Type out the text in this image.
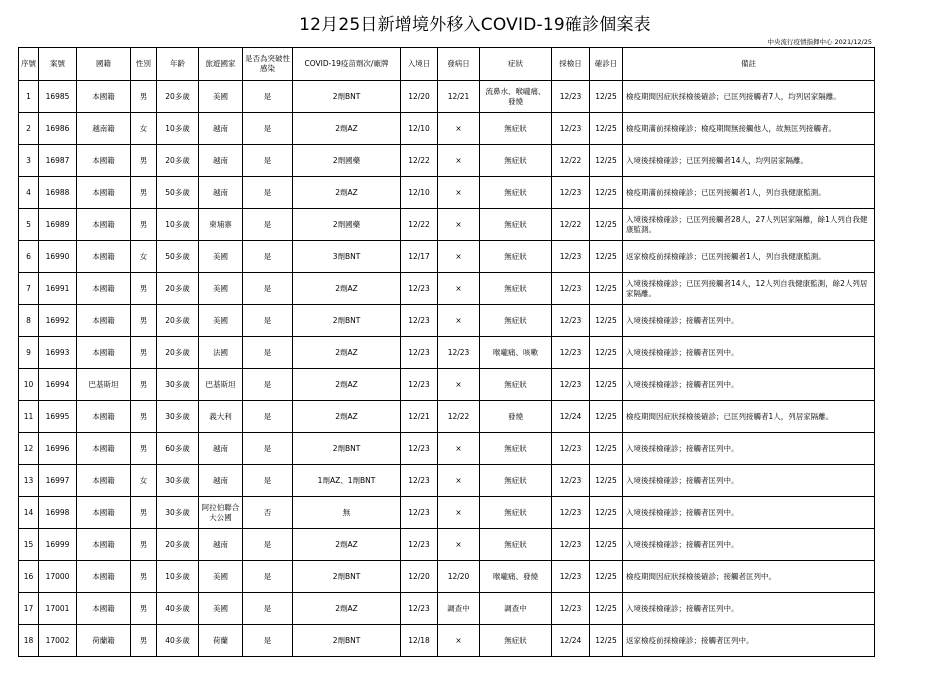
12月25日新增境外移入COVID-19確診個案表
中央流行疫情指揮中心 2021/12/25
序號	案號	國籍	性別	年齡	旅遊國家	是否為突破性感染	COVID-19疫苗劑次/廠牌	入境日	發病日	症狀	採檢日	確診日	備註
1	16985	本國籍	男	20多歲	美國	是	2劑BNT	12/20	12/21	流鼻水、喉嚨痛、發燒	12/23	12/25	檢疫期間因症狀採檢後確診；已匡列接觸者7人，均列居家隔離。
2	16986	越南籍	女	10多歲	越南	是	2劑AZ	12/10	×	無症狀	12/23	12/25	檢疫期滿前採檢確診；檢疫期間無接觸他人，故無匡列接觸者。
3	16987	本國籍	男	20多歲	越南	是	2劑國藥	12/22	×	無症狀	12/22	12/25	入境後採檢確診；已匡列接觸者14人，均列居家隔離。
4	16988	本國籍	男	50多歲	越南	是	2劑AZ	12/10	×	無症狀	12/23	12/25	檢疫期滿前採檢確診；已匡列接觸者1人，列自我健康監測。
5	16989	本國籍	男	10多歲	柬埔寨	是	2劑國藥	12/22	×	無症狀	12/22	12/25	入境後採檢確診；已匡列接觸者28人，27人列居家隔離，餘1人列自我健康監測。
6	16990	本國籍	女	50多歲	美國	是	3劑BNT	12/17	×	無症狀	12/23	12/25	返家檢疫前採檢確診；已匡列接觸者1人，列自我健康監測。
7	16991	本國籍	男	20多歲	美國	是	2劑AZ	12/23	×	無症狀	12/23	12/25	入境後採檢確診；已匡列接觸者14人，12人列自我健康監測，餘2人列居家隔離。
8	16992	本國籍	男	20多歲	美國	是	2劑BNT	12/23	×	無症狀	12/23	12/25	入境後採檢確診；接觸者匡列中。
9	16993	本國籍	男	20多歲	法國	是	2劑AZ	12/23	12/23	喉嚨痛、咳嗽	12/23	12/25	入境後採檢確診；接觸者匡列中。
10	16994	巴基斯坦	男	30多歲	巴基斯坦	是	2劑AZ	12/23	×	無症狀	12/23	12/25	入境後採檢確診；接觸者匡列中。
11	16995	本國籍	男	30多歲	義大利	是	2劑AZ	12/21	12/22	發燒	12/24	12/25	檢疫期間因症狀採檢後確診；已匡列接觸者1人，列居家隔離。
12	16996	本國籍	男	60多歲	越南	是	2劑BNT	12/23	×	無症狀	12/23	12/25	入境後採檢確診；接觸者匡列中。
13	16997	本國籍	女	30多歲	越南	是	1劑AZ、1劑BNT	12/23	×	無症狀	12/23	12/25	入境後採檢確診；接觸者匡列中。
14	16998	本國籍	男	30多歲	阿拉伯聯合大公國	否	無	12/23	×	無症狀	12/23	12/25	入境後採檢確診；接觸者匡列中。
15	16999	本國籍	男	20多歲	越南	是	2劑AZ	12/23	×	無症狀	12/23	12/25	入境後採檢確診；接觸者匡列中。
16	17000	本國籍	男	10多歲	美國	是	2劑BNT	12/20	12/20	喉嚨痛、發燒	12/23	12/25	檢疫期間因症狀採檢後確診；接觸者匡列中。
17	17001	本國籍	男	40多歲	美國	是	2劑AZ	12/23	調查中	調查中	12/23	12/25	入境後採檢確診；接觸者匡列中。
18	17002	荷蘭籍	男	40多歲	荷蘭	是	2劑BNT	12/18	×	無症狀	12/24	12/25	返家檢疫前採檢確診；接觸者匡列中。
